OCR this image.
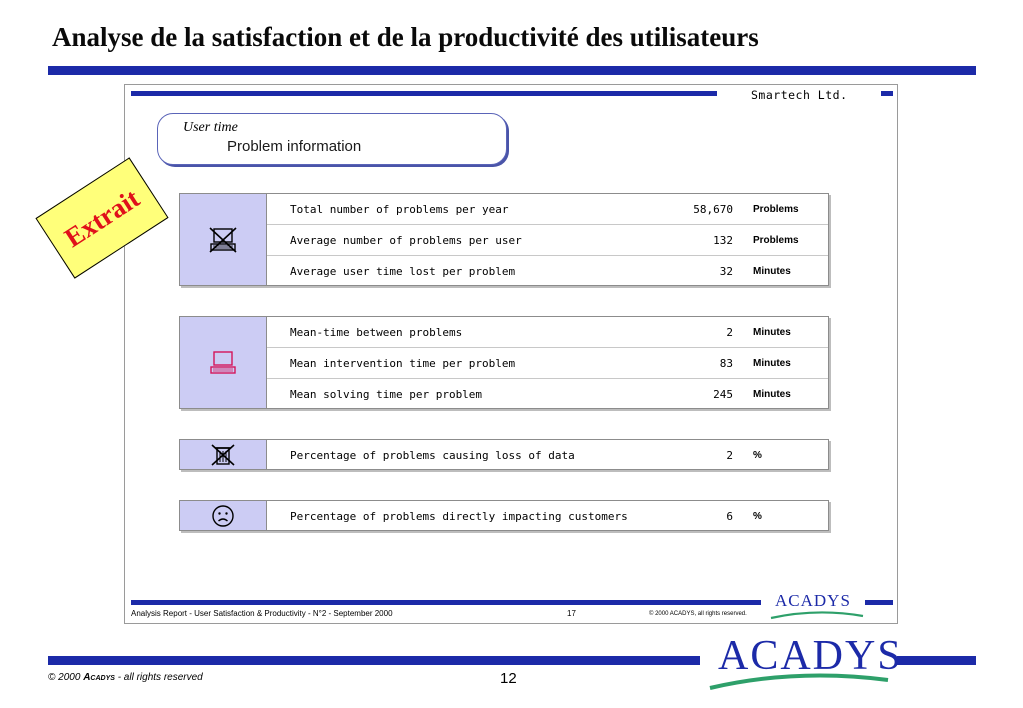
Analyse de la satisfaction et de la productivité des utilisateurs
Smartech Ltd.
User time
Problem information
Total number of problems per year	58,670	Problems
Average number of problems per user	132	Problems
Average user time lost per problem	32	Minutes
Mean-time between problems	2	Minutes
Mean intervention time per problem	83	Minutes
Mean solving time per problem	245	Minutes
Percentage of problems causing loss of data	2	%
Percentage of problems directly impacting customers	6	%
ACADYS
Analysis Report - User Satisfaction & Productivity - N°2 - September 2000	17	© 2000 ACADYS, all rights reserved.
Extrait
© 2000 Acadys - all rights reserved	12	ACADYS
